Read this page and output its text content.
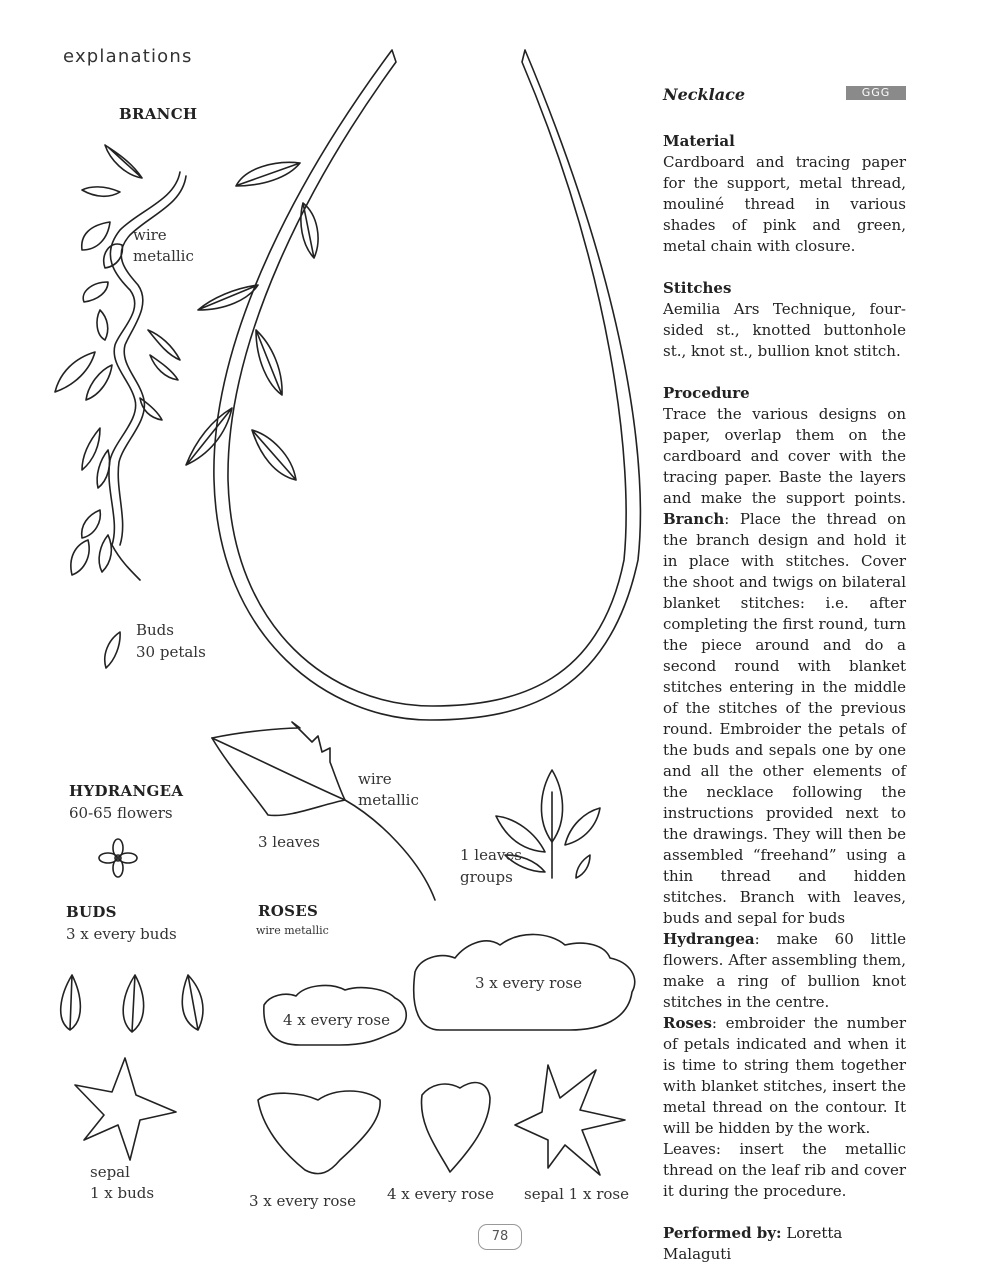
explanations
BRANCH
wire
metallic
Buds
30 petals
HYDRANGEA
60-65 flowers
3 leaves
wire
metallic
1 leaves
groups
BUDS
3 x every buds
ROSES
wire metallic
3 x every rose
4 x every rose
sepal
1 x buds	3 x every rose 4 x every rose sepal 1 x rose
Necklace	GGG
Material
Cardboard and tracing paper for the support, metal thread, mouliné thread in various shades of pink and green, metal chain with closure.
Stitches
Aemilia Ars Technique, four-sided st., knotted buttonhole st., knot st., bullion knot stitch.
Procedure
Trace the various designs on paper, overlap them on the cardboard and cover with the tracing paper. Baste the layers and make the support points. Branch: Place the thread on the branch design and hold it in place with stitches. Cover the shoot and twigs on bilateral blanket stitches: i.e. after completing the first round, turn the piece around and do a second round with blanket stitches entering in the middle of the stitches of the previous round. Embroider the petals of the buds and sepals one by one and all the other elements of the necklace following the instructions provided next to the drawings. They will then be assembled “freehand” using a thin thread and hidden stitches. Branch with leaves, buds and sepal for buds
Hydrangea: make 60 little flowers. After assembling them, make a ring of bullion knot stitches in the centre.
Roses: embroider the number of petals indicated and when it is time to string them together with blanket stitches, insert the metal thread on the contour. It will be hidden by the work.
Leaves: insert the metallic thread on the leaf rib and cover it during the procedure.
Performed by: Loretta Malaguti
78
